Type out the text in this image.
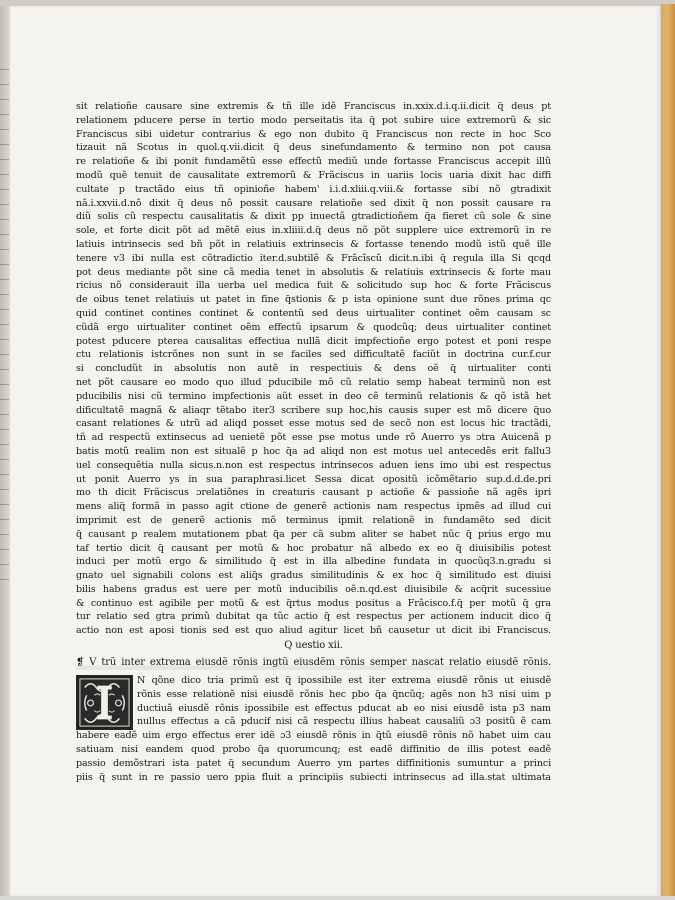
sit relatioñe causare sine extremis & tñ ille idẽ Franciscus in.xxix.d.i.q.ii.dicit q̃ deus pt
relationem pducere perse in tertio modo perseitatis ita q̃ pot subire uice extremorũ & sic
Franciscus sibi uidetur contrarius & ego non dubito q̃ Franciscus non recte in hoc Sco
tizauit nã Scotus in quol.q.vii.dicit q̃ deus sinefundamento & termino non pot causa
re relatioñe & ibi ponit fundamẽtũ esse effectũ mediũ unde fortasse Franciscus accepit illũ
modũ quẽ tenuit de causalitate extremorũ & Frãciscus in uariis locis uaria dixit hac diffi
cultate p tractãdo eius tñ opinioñe habem' i.i.d.xliii.q.viii.& fortasse sibi nõ gtradixit
nã.i.xxvii.d.nõ dixit q̃ deus nõ possit causare relatioñe sed dixit q̃ non possit causare ra
diũ solis cũ respectu causalitatis & dixit pp inuectã gtradictioñem q̃a fieret cũ sole & sine
sole, et forte dicit põt ad mẽtẽ eius in.xliiii.d.q̃ deus nõ põt supplere uice extremorũ in re
latiuis intrinsecis sed bñ põt in relatiuis extrinsecis & fortasse tenendo modũ istũ quẽ ille
tenere v3 ibi nulla est cõtradictio iter.d.subtilẽ & Frãcĩscũ dicit.n.ibi q̃ regula illa Si qcqd
pot deus mediante põt sine cã media tenet in absolutis & relatiuis extrinsecis & forte mau
ricius nõ considerauit illa uerba uel medica fuit & solicitudo sup hoc & forte Frãciscus
de oibus tenet relatiuis ut patet in fine q̃stionis & p ista opinione sunt due rõnes prima qc
quid continet contines continet & contentũ sed deus uirtualiter continet oẽm causam sc
cũdã ergo uirtualiter continet oẽm effectũ ipsarum & quodcũq; deus uirtualiter continet
potest pducere pterea causalitas effectiua nullã dicit impfectioñe ergo potest et poni respe
ctu relationis istcrõnes non sunt in se faciles sed difficultatẽ faciũt in doctrina cur.f.cur
si concludũt in absolutis non autẽ in respectiuis & dens oẽ q̃ uirtualiter conti
net põt causare eo modo quo illud pducibile mõ cũ relatio semp habeat terminũ non est
pducibilis nisi cũ termino impfectionis aũt esset in deo cẽ terminũ relationis & qõ istã het
dificultatẽ magnã & aliaqr tẽtabo iter3 scribere sup hoc,his causis super est mõ dicere q̃uo
casant relationes & utrũ ad aliqd posset esse motus sed de secõ non est locus hic tractãdi,
tñ ad respectũ extinsecus ad uenietẽ põt esse pse motus unde rõ Auerro ys ɔtra Auicenã p
batis motũ realim non est situalẽ p hoc q̃a ad aliqd non est motus uel antecedẽs erit fallu3
uel consequẽtia nulla sicus.n.non est respectus intrinsecos aduen iens imo ubi est respectus
ut ponit Auerro ys in sua paraphrasi.licet Sessa dicat opositũ icõmẽtario sup.d.d.de.pri
mo th dicit Frãciscus ɔrelatiõnes in creaturis causant p actioñe & passioñe nã agẽs ipri
mens aliq̃ formã in passo agit ctione de generẽ actionis nam respectus ipmẽs ad illud cui
imprimit est de generẽ actionis mõ terminus ipmit relationẽ in fundamẽto sed dicit
q̃ causant p realem mutationem pbat q̃a per cã subm aliter se habet nũc q̃ prius ergo mu
taf tertio dicit q̃ causant per motũ & hoc probatur nã albedo ex eo q̃ diuisibilis potest
induci per motũ ergo & similitudo q̃ est in illa albedine fundata in quocũq3.n.gradu si
gnato uel signabili colons est aliq̃s gradus similitudinis & ex hoc q̃ similitudo est diuisi
bilis habens gradus est uere per motũ inducibilis oẽ.n.qd.est diuisibile & acq̃rit sucessiue
& continuo est agibile per motũ & est q̃rtus modus positus a Frãcisco.f.q̃ per motũ q̃ gra
tur relatio sed gtra primũ dubitat qa tũc actio q̃ est respectus per actionem inducit dico q̃
actio non est aposi tionis sed est quo aliud agitur licet bñ causetur ut dicit ibi Franciscus.
Q uestio xii.
❡ V trũ inter extrema eiusdẽ rõnis ingtũ eiusdẽm rõnis semper nascat relatio eiusdẽ rõnis.
N qõne dico tria primũ est q̃ ipossibile est iter extrema eiusdẽ rõnis ut eiusdẽ
rõnis esse relationẽ nisi eiusdẽ rõnis hec pbo q̃a q̃ncũq; agẽs non h3 nisi uim p
ductiuã eiusdẽ rõnis ipossibile est effectus pducat ab eo nisi eiusdẽ ista p3 nam
nullus effectus a cã pducif nisi cã respectu illius habeat causaliũ ɔ3 positũ ẽ cam
habere eadẽ uim ergo effectus erer idẽ ɔ3 eiusdẽ rõnis in q̃tũ eiusdẽ rõnis nõ habet uim cau
satiuam nisi eandem quod probo q̃a quorumcunq; est eadẽ diffinitio de illis potest eadẽ
passio demõstrari ista patet q̃ secundum Auerro ym partes diffinitionis sumuntur a princi
piis q̃ sunt in re passio uero ppia fluit a principiis subiecti intrinsecus ad illa.stat ultimata
